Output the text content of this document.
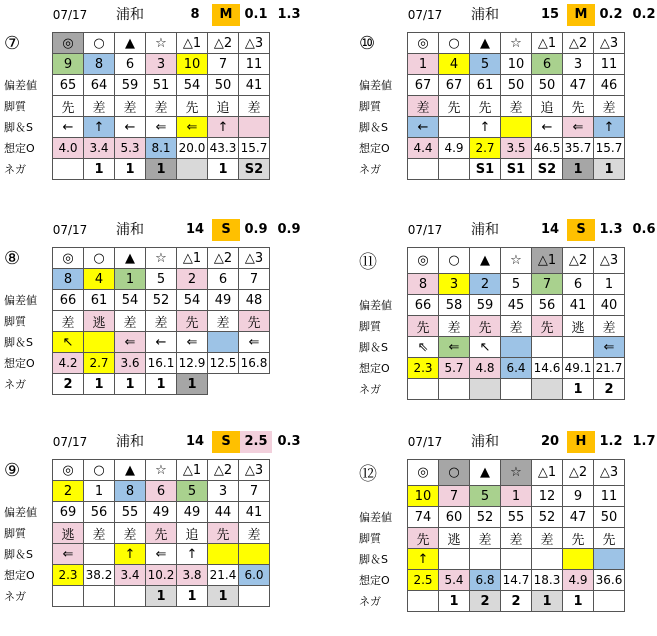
07/17	浦和	8	M 0.1 1.3
⑦	◎	○	▲	☆	△1	△2	△3
	9	8	6	3	10	7	11
偏差値	65	64	59	51	54	50	41
脚質	先	差	差	差	先	追	差
脚＆S	←	↑	←	⇐	⇐	↑	
想定O	4.0	3.4	5.3	8.1	20.0	43.3	15.7
ネガ		1	1	1		1	S2
07/17	浦和	15	M 0.2 0.2
⑩	◎	○	▲	☆	△1	△2	△3
	1	4	5	10	6	3	11
偏差値	67	67	61	50	50	47	46
脚質	差	先	先	差	追	先	差
脚＆S	←		↑		←	⇐	↑
想定O	4.4	4.9	2.7	3.5	46.5	35.7	15.7
ネガ			S1	S1	S2	1	1
07/17	浦和	14	S	0.9 0.9
⑧	◎	○	▲	☆	△1	△2	△3
	8	4	1	5	2	6	7
偏差値	66	61	54	52	54	49	48
脚質	差	逃	差	差	先	差	先
脚＆S	↖		⇐	←	⇐		⇐
想定O	4.2	2.7	3.6	16.1	12.9	12.5	16.8
ネガ	2	1	1	1	1		
07/17	浦和	14	S	1.3 0.6
⑪	◎	○	▲	☆	△1	△2	△3
	8	3	2	5	7	6	1
偏差値	66	58	59	45	56	41	40
脚質	先	差	先	差	先	逃	差
脚＆S	⇖	⇐	↖				⇐
想定O	2.3	5.7	4.8	6.4	14.6	49.1	21.7
ネガ						1	2
07/17	浦和	14	S	2.5 0.3
⑨	◎	○	▲	☆	△1	△2	△3
	2	1	8	6	5	3	7
偏差値	69	56	55	49	49	44	41
脚質	逃	差	差	先	追	先	差
脚＆S	⇐		↑	⇐	↑		
想定O	2.3	38.2	3.4	10.2	3.8	21.4	6.0
ネガ				1	1	1	
07/17	浦和	20	H	1.2 1.7
⑫	◎	○	▲	☆	△1	△2	△3
	10	7	5	1	12	9	11
偏差値	74	60	52	55	52	47	50
脚質	先	逃	差	差	差	先	先
脚＆S	↑						
想定O	2.5	5.4	6.8	14.7	18.3	4.9	36.6
ネガ		1	2	2	1	1	
